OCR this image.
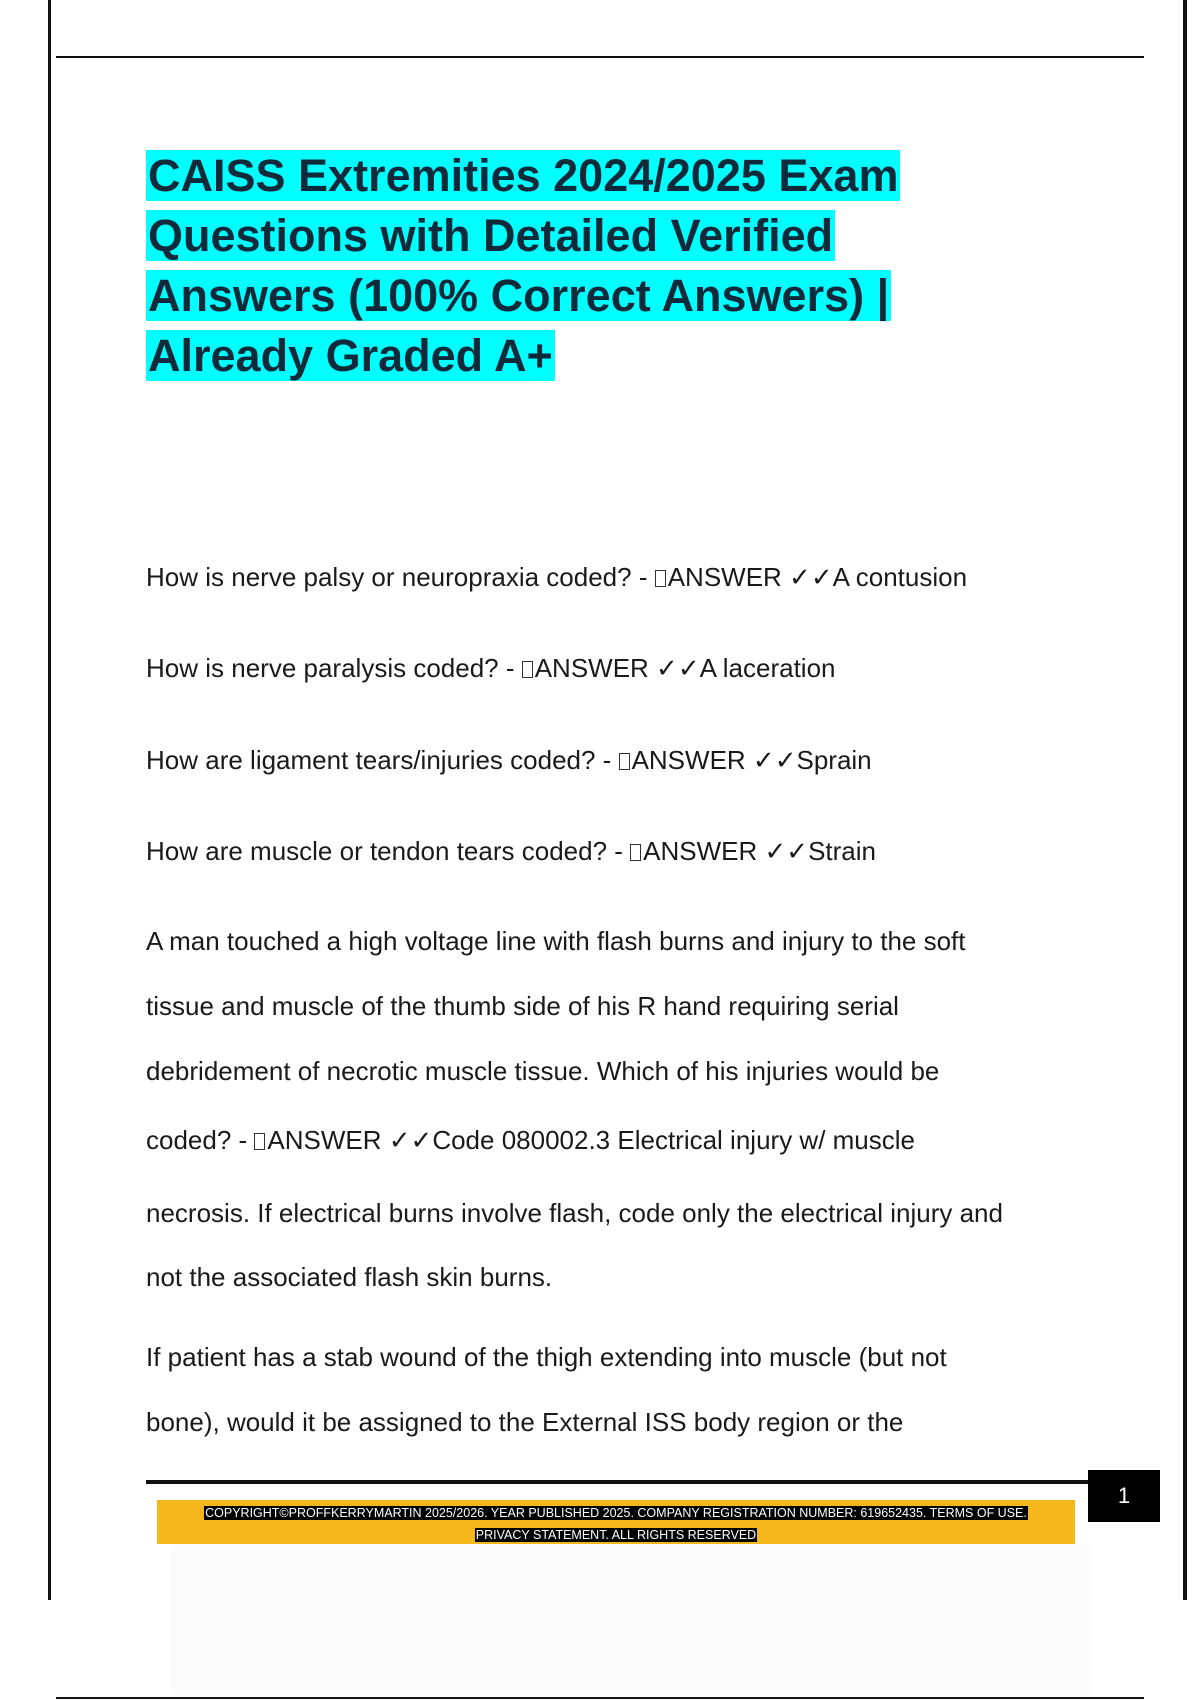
CAISS Extremities 2024/2025 Exam Questions with Detailed Verified Answers (100% Correct Answers) | Already Graded A+

How is nerve palsy or neuropraxia coded? - ANSWER ✓✓A contusion

How is nerve paralysis coded? - ANSWER ✓✓A laceration

How are ligament tears/injuries coded? - ANSWER ✓✓Sprain

How are muscle or tendon tears coded? - ANSWER ✓✓Strain

A man touched a high voltage line with flash burns and injury to the soft

tissue and muscle of the thumb side of his R hand requiring serial

debridement of necrotic muscle tissue. Which of his injuries would be

coded? - ANSWER ✓✓Code 080002.3 Electrical injury w/ muscle

necrosis. If electrical burns involve flash, code only the electrical injury and

not the associated flash skin burns.

If patient has a stab wound of the thigh extending into muscle (but not

bone), would it be assigned to the External ISS body region or the

1
COPYRIGHT©PROFFKERRYMARTIN 2025/2026. YEAR PUBLISHED 2025. COMPANY REGISTRATION NUMBER: 619652435. TERMS OF USE.
PRIVACY STATEMENT. ALL RIGHTS RESERVED
